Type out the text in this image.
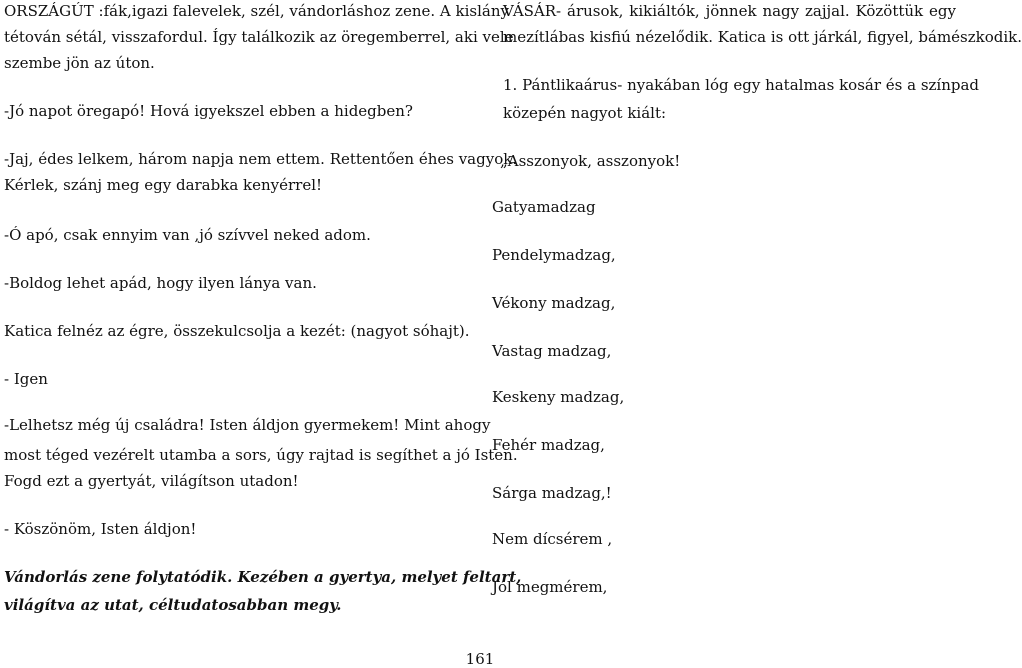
ORSZÁGÚT :fák,igazi falevelek, szél, vándorláshoz zene. A kislány
tétován sétál, visszafordul. Így találkozik az öregemberrel, aki vele
szembe jön az úton.
-Jó napot öregapó! Hová igyekszel ebben a hidegben?
-Jaj, édes lelkem, három napja nem ettem. Rettentően éhes vagyok.
Kérlek, szánj meg egy darabka kenyérrel!
-Ó apó, csak ennyim van ,jó szívvel neked adom.
-Boldog lehet apád, hogy ilyen lánya van.
Katica felnéz az égre, összekulcsolja a kezét: (nagyot sóhajt).
- Igen
-Lelhetsz még új családra! Isten áldjon gyermekem! Mint ahogy
most téged vezérelt utamba a sors, úgy rajtad is segíthet a jó Isten.
Fogd ezt a gyertyát, világítson utadon!
- Köszönöm, Isten áldjon!
Vándorlás zene folytatódik. Kezében a gyertya, melyet feltart,
világítva az utat, céltudatosabban megy.
VÁSÁR- árusok, kikiáltók, jönnek nagy zajjal. Közöttük egy
mezítlábas kisfiú nézelődik. Katica is ott járkál, figyel, bámészkodik.
1. Pántlikaárus- nyakában lóg egy hatalmas kosár és a színpad
közepén nagyot kiált:
„Asszonyok, asszonyok!
Gatyamadzag
Pendelymadzag,
Vékony madzag,
Vastag madzag,
Keskeny madzag,
Fehér madzag,
Sárga madzag,!
Nem dícsérem ,
Jól megmérem,
161
